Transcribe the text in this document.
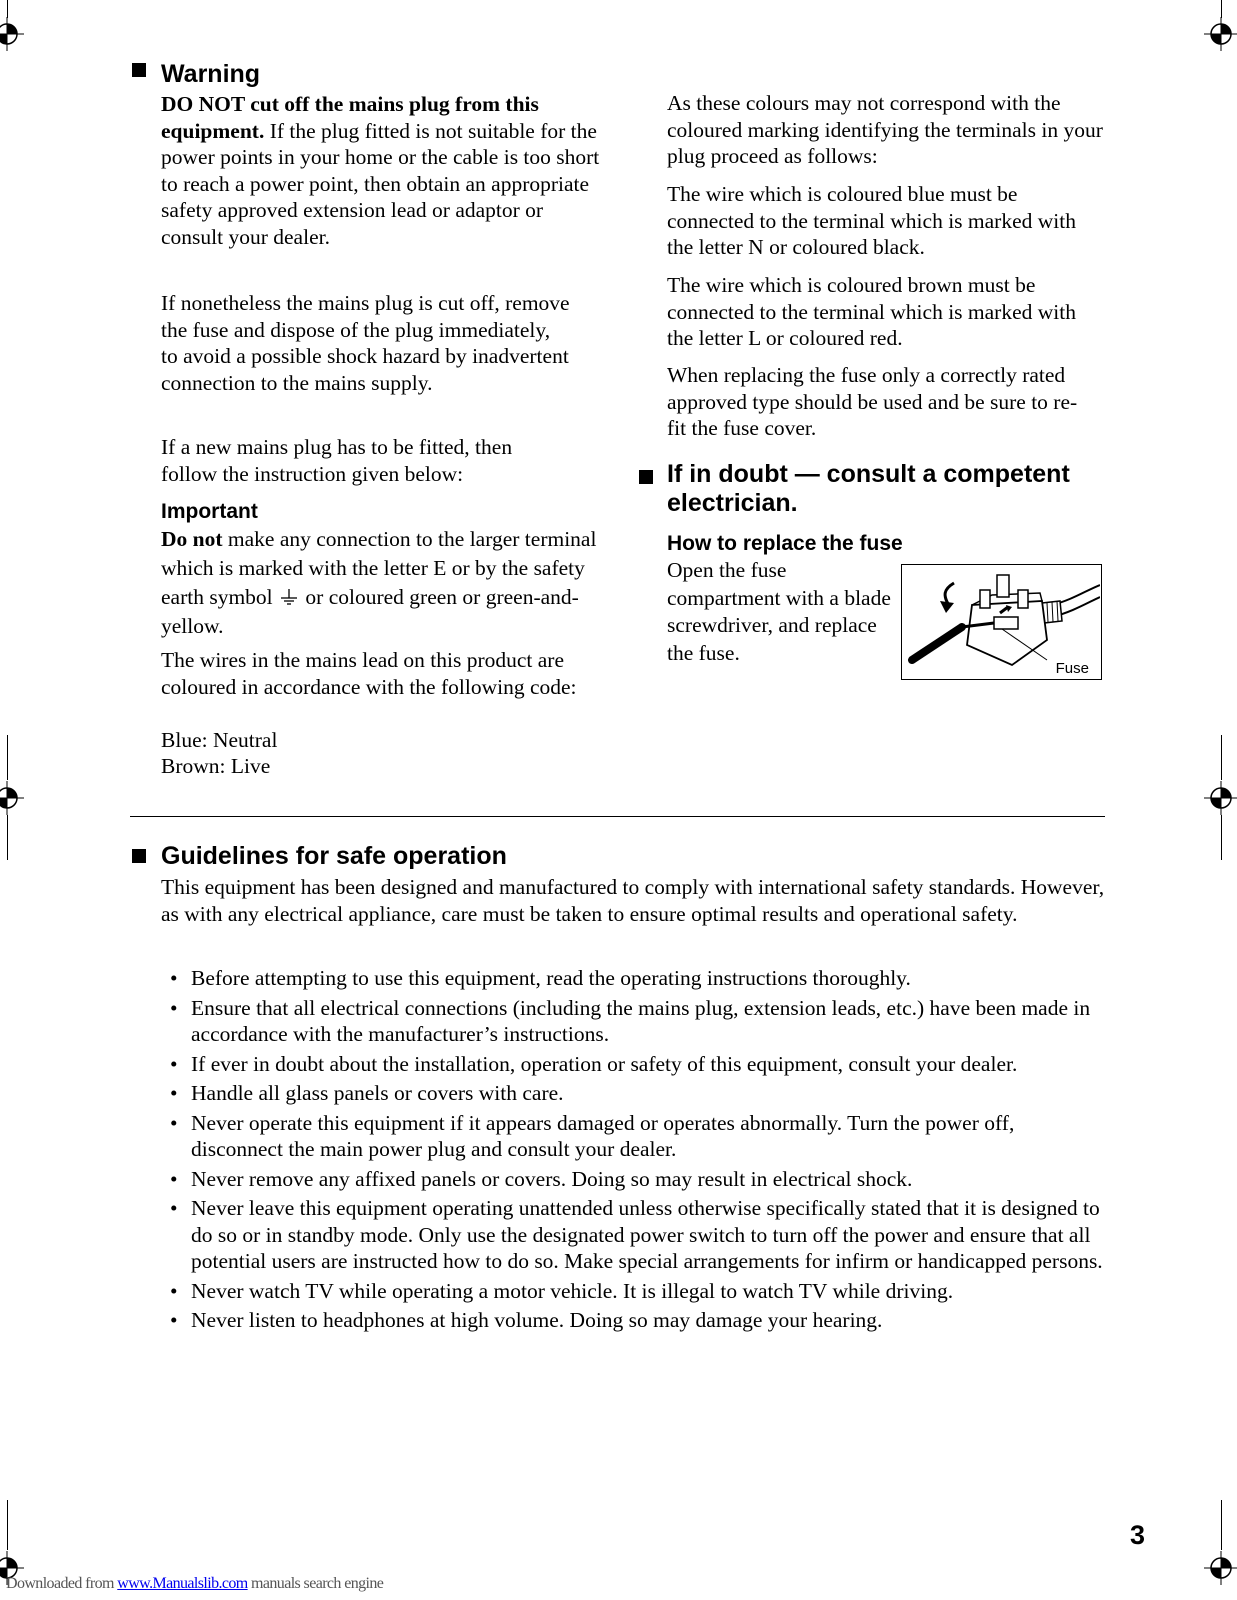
Warning

DO NOT cut off the mains plug from this equipment. If the plug fitted is not suitable for the power points in your home or the cable is too short to reach a power point, then obtain an appropriate safety approved extension lead or adaptor or consult your dealer.

If nonetheless the mains plug is cut off, remove the fuse and dispose of the plug immediately, to avoid a possible shock hazard by inadvertent connection to the mains supply.

If a new mains plug has to be fitted, then follow the instruction given below:

Important

Do not make any connection to the larger terminal which is marked with the letter E or by the safety earth symbol  or coloured green or green-and-yellow.

The wires in the mains lead on this product are coloured in accordance with the following code:

Blue: Neutral

Brown: Live

As these colours may not correspond with the coloured marking identifying the terminals in your plug proceed as follows:

The wire which is coloured blue must be connected to the terminal which is marked with the letter N or coloured black.

The wire which is coloured brown must be connected to the terminal which is marked with the letter L or coloured red.

When replacing the fuse only a correctly rated approved type should be used and be sure to re-fit the fuse cover.

If in doubt — consult a competent electrician.
How to replace the fuse

Open the fuse compartment with a blade screwdriver, and replace the fuse.

Fuse
Guidelines for safe operation

This equipment has been designed and manufactured to comply with international safety standards. However, as with any electrical appliance, care must be taken to ensure optimal results and operational safety.

• Before attempting to use this equipment, read the operating instructions thoroughly.
• Ensure that all electrical connections (including the mains plug, extension leads, etc.) have been made in accordance with the manufacturer’s instructions.
• If ever in doubt about the installation, operation or safety of this equipment, consult your dealer.
• Handle all glass panels or covers with care.
• Never operate this equipment if it appears damaged or operates abnormally. Turn the power off, disconnect the main power plug and consult your dealer.
• Never remove any affixed panels or covers. Doing so may result in electrical shock.
• Never leave this equipment operating unattended unless otherwise specifically stated that it is designed to do so or in standby mode. Only use the designated power switch to turn off the power and ensure that all potential users are instructed how to do so. Make special arrangements for infirm or handicapped persons.
• Never watch TV while operating a motor vehicle. It is illegal to watch TV while driving.
• Never listen to headphones at high volume. Doing so may damage your hearing.
3
Downloaded from www.Manualslib.com manuals search engine
